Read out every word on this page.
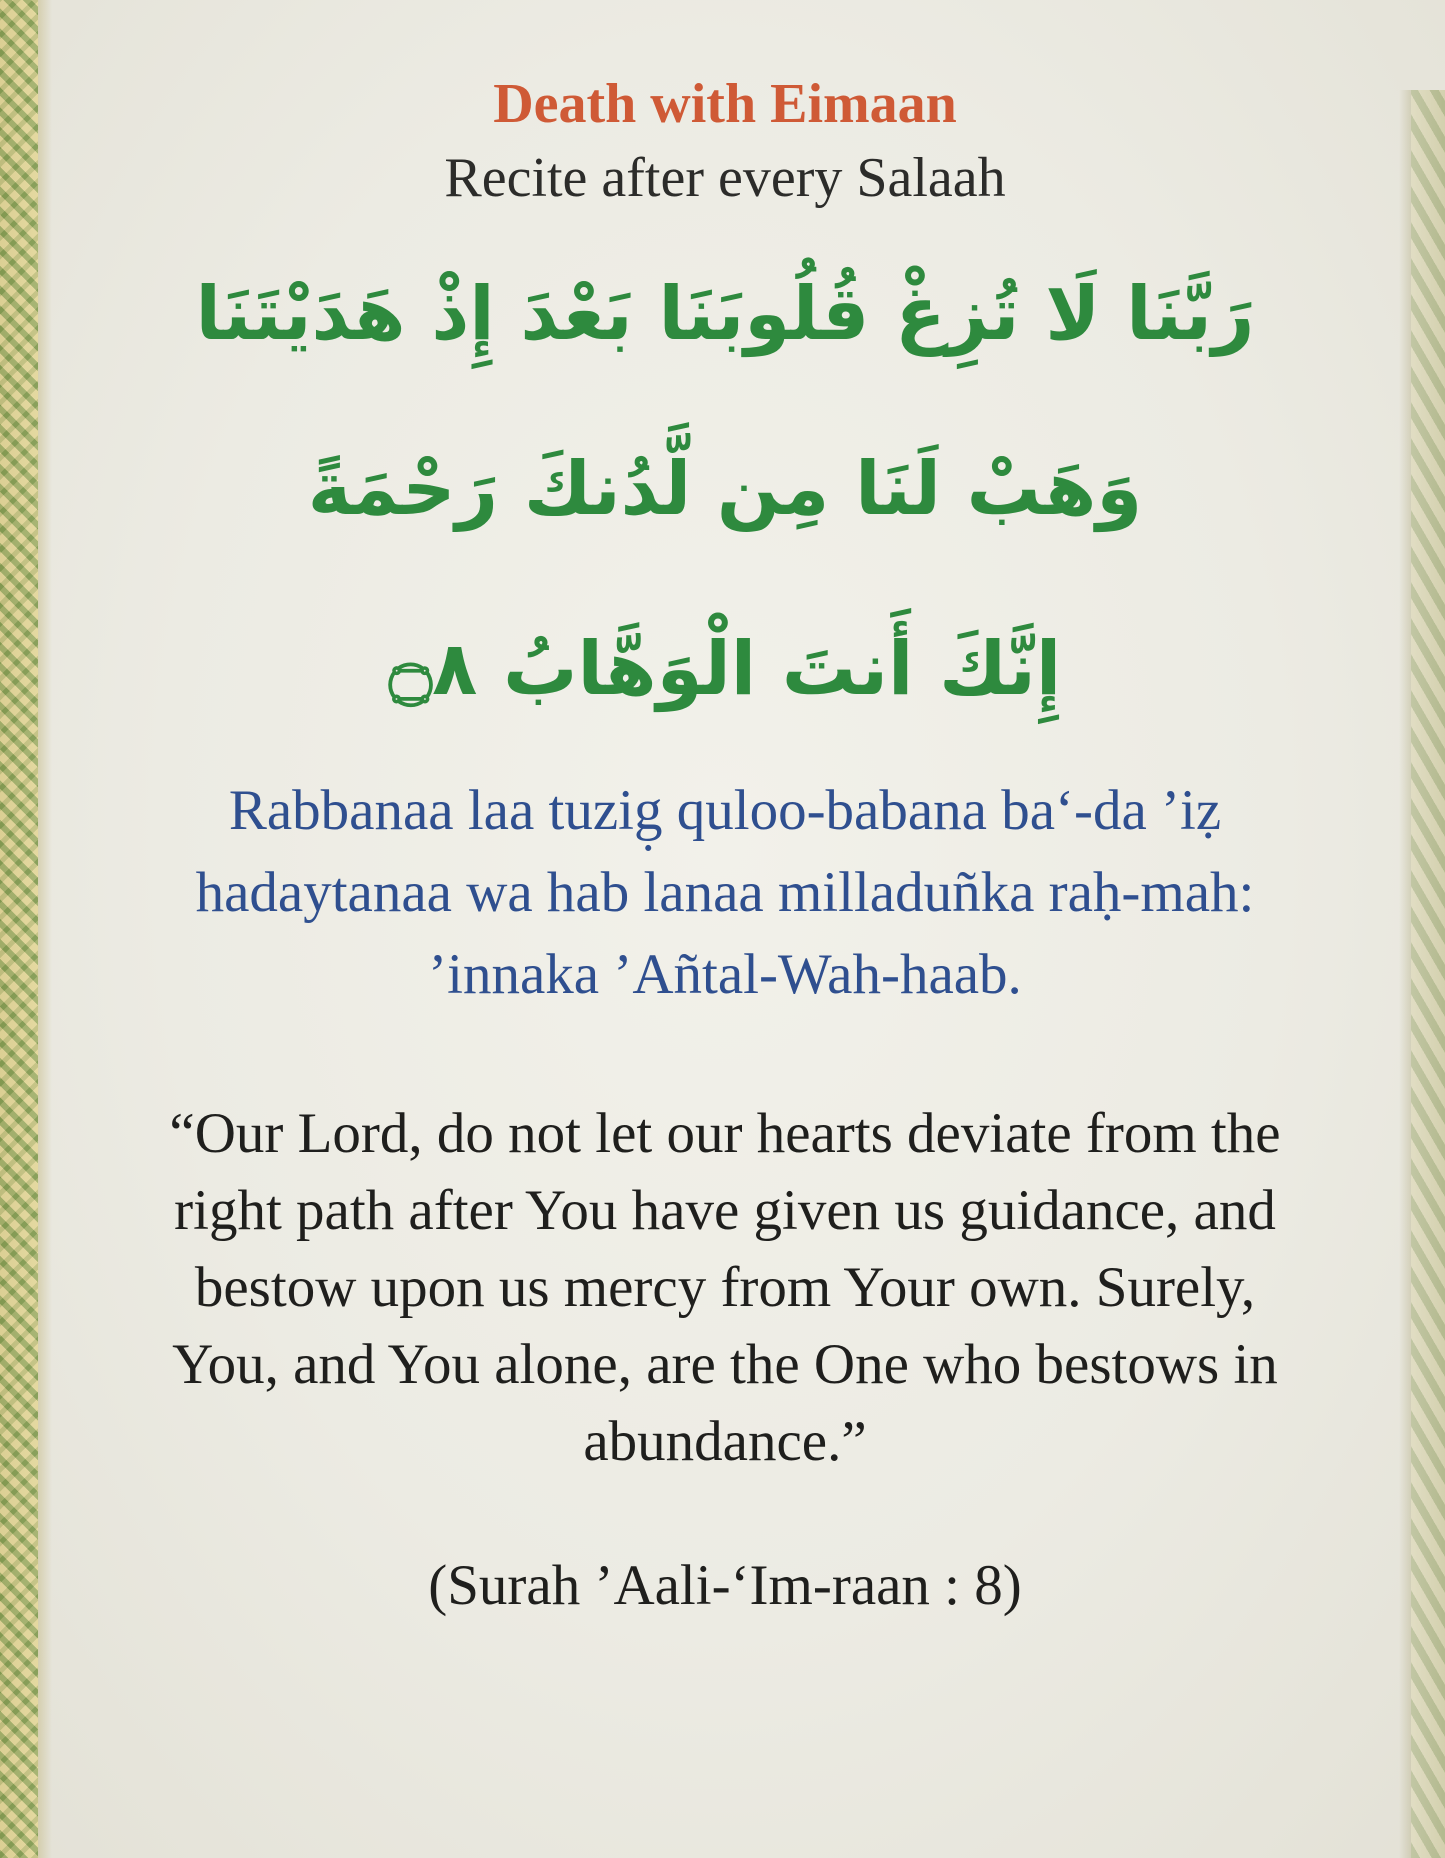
Death with Eimaan
Recite after every Salaah
رَبَّنَا لَا تُزِغْ قُلُوبَنَا بَعْدَ إِذْ هَدَيْتَنَا
وَهَبْ لَنَا مِن لَّدُنكَ رَحْمَةً
إِنَّكَ أَنتَ الْوَهَّابُ ۝٨
Rabbanaa laa tuzig̣ quloo-babana ba‘-da ’iẓ
hadaytanaa wa hab lanaa milladuñka raḥ-mah:
’innaka ’Añtal-Wah-haab.
“Our Lord, do not let our hearts deviate from the
right path after You have given us guidance, and
bestow upon us mercy from Your own. Surely,
You, and You alone, are the One who bestows in
abundance.”
(Surah ’Aali-‘Im-raan : 8)
